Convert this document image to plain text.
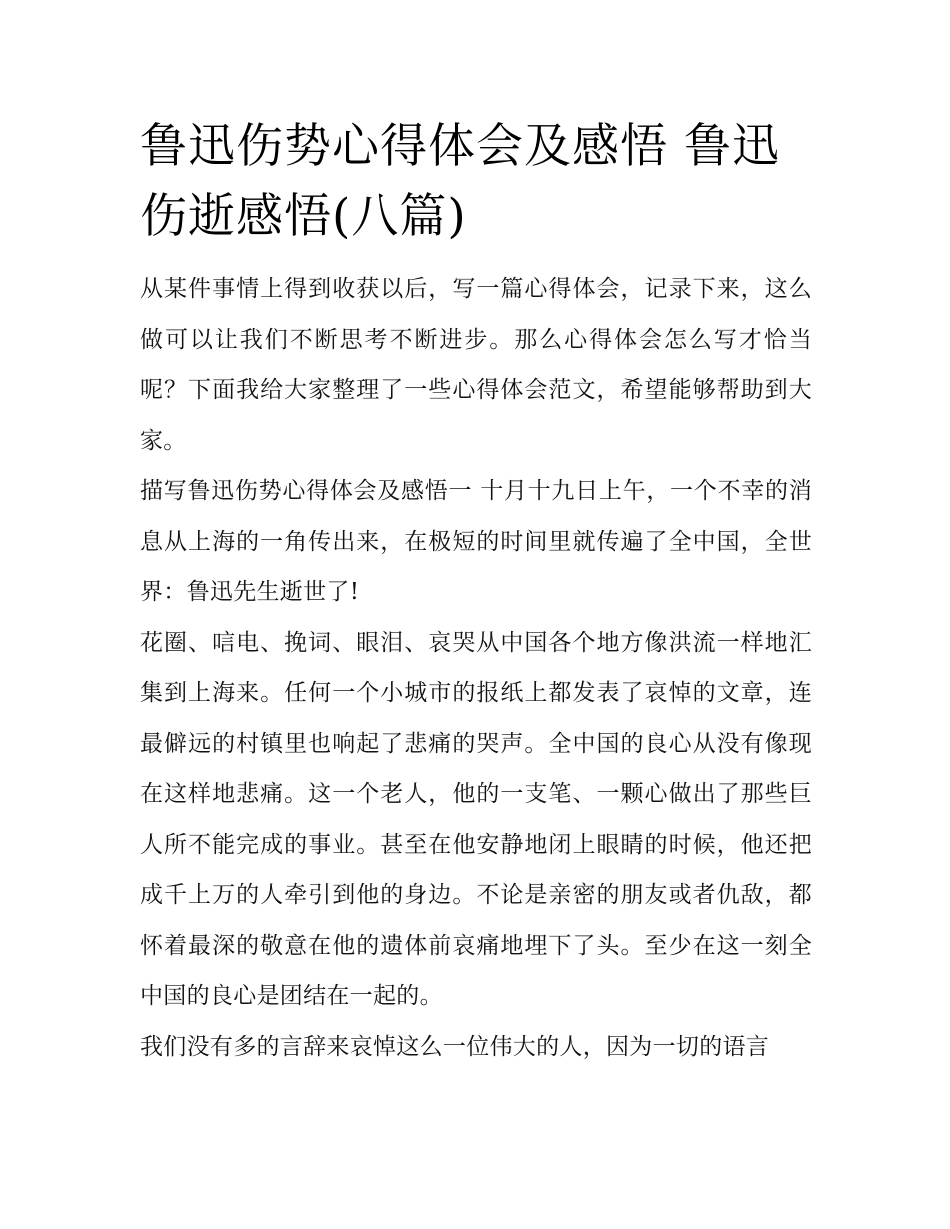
鲁迅伤势心得体会及感悟 鲁迅伤逝感悟(八篇)

从某件事情上得到收获以后，写一篇心得体会，记录下来，这么做可以让我们不断思考不断进步。那么心得体会怎么写才恰当呢？下面我给大家整理了一些心得体会范文，希望能够帮助到大家。

描写鲁迅伤势心得体会及感悟一 十月十九日上午，一个不幸的消息从上海的一角传出来，在极短的时间里就传遍了全中国，全世界：鲁迅先生逝世了!

花圈、唁电、挽词、眼泪、哀哭从中国各个地方像洪流一样地汇集到上海来。任何一个小城市的报纸上都发表了哀悼的文章，连最僻远的村镇里也响起了悲痛的哭声。全中国的良心从没有像现在这样地悲痛。这一个老人，他的一支笔、一颗心做出了那些巨人所不能完成的事业。甚至在他安静地闭上眼睛的时候，他还把成千上万的人牵引到他的身边。不论是亲密的朋友或者仇敌，都怀着最深的敬意在他的遗体前哀痛地埋下了头。至少在这一刻全中国的良心是团结在一起的。

我们没有多的言辞来哀悼这么一位伟大的人，因为一切的语言
